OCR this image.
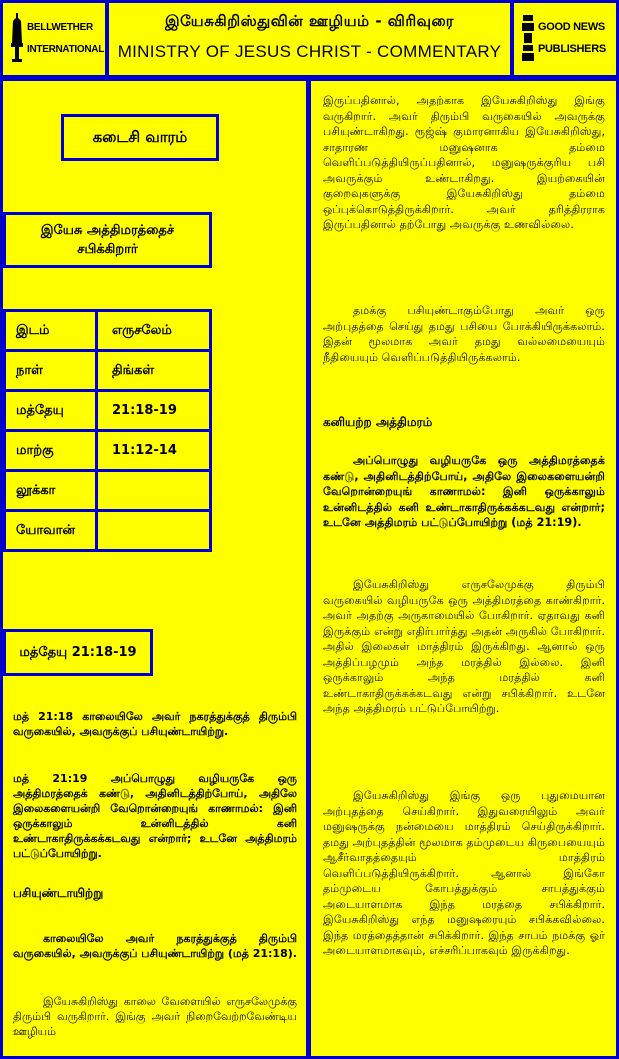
BELLWETHER
INTERNATIONAL
இயேசுகிறிஸ்துவின் ஊழியம் - விரிவுரை
MINISTRY OF JESUS CHRIST - COMMENTARY
GOOD NEWS
PUBLISHERS
கடைசி வாரம்
இயேசு அத்திமரத்தைச்
சபிக்கிறார்
இடம்	எருசலேம்
நாள்	திங்கள்
மத்தேயு	21:18-19
மாற்கு	11:12-14
லூக்கா	
யோவான்	
மத்தேயு 21:18-19
மத் 21:18 காலையிலே அவர் நகரத்துக்குத் திரும்பி வருகையில், அவருக்குப் பசியுண்டாயிற்று.
மத் 21:19 அப்பொழுது வழியருகே ஒரு அத்திமரத்தைக் கண்டு, அதினிடத்திற்போய், அதிலே இலைகளையன்றி வேறொன்றையுங் காணாமல்: இனி ஒருக்காலும் உன்னிடத்தில் கனி உண்டாகாதிருக்கக்கடவது என்றார்; உடனே அத்திமரம் பட்டுப்போயிற்று.
பசியுண்டாயிற்று
காலையிலே அவர் நகரத்துக்குத் திரும்பி வருகையில், அவருக்குப் பசியுண்டாயிற்று (மத் 21:18).
இயேசுகிறிஸ்து காலை வேளையில் எருசலேமுக்கு திரும்பி வருகிறார். இங்கு அவர் நிறைவேற்றவேண்டிய ஊழியம்
இருப்பதினால், அதற்காக இயேசுகிறிஸ்து இங்கு வருகிறார். அவர் திரும்பி வருகையில் அவருக்கு பசியுண்டாகிறது. ரூஜ்ஷ் குமாரனாகிய இயேசுகிறிஸ்து, சாதாரண மனுஷனாக தம்மை வெளிப்படுத்தியிருப்பதினால், மனுஷருக்குரிய பசி அவருக்கும் உண்டாகிறது. இயற்கையின் குறைவுகளுக்கு இயேசுகிறிஸ்து தம்மை ஒப்புக்கொடுத்திருக்கிறார். அவர் தரித்திரராக இருப்பதினால் தற்போது அவருக்கு உணவில்லை.
தமக்கு பசியுண்டாகும்போது அவர் ஒரு அற்புதத்தை செய்து தமது பசியை போக்கியிருக்கலாம். இதன் மூலமாக அவர் தமது வல்லமையையும் நீதியையும் வெளிப்படுத்தியிருக்கலாம்.
கனியற்ற அத்திமரம்
அப்பொழுது வழியருகே ஒரு அத்திமரத்தைக் கண்டு, அதினிடத்திற்போய், அதிலே இலைகளையன்றி வேறொன்றையுங் காணாமல்: இனி ஒருக்காலும் உன்னிடத்தில் கனி உண்டாகாதிருக்கக்கடவது என்றார்; உடனே அத்திமரம் பட்டுப்போயிற்று (மத் 21:19).
இயேசுகிறிஸ்து எருசலேமுக்கு திரும்பி வருகையில் வழியருகே ஒரு அத்திமரத்தை காண்கிறார். அவர் அதற்கு அருகாமையில் போகிறார். ஏதாவது கனி இருக்கும் என்று எதிர்பார்த்து அதன் அருகில் போகிறார். அதில் இலைகள் மாத்திரம் இருக்கிறது. ஆனால் ஒரு அத்திப்பழமும் அந்த மரத்தில் இல்லை. இனி ஒருக்காலும் அந்த மரத்தில் கனி உண்டாகாதிருக்கக்கடவது என்று சபிக்கிறார். உடனே அந்த அத்திமரம் பட்டுப்போயிற்று.
இயேசுகிறிஸ்து இங்கு ஒரு புதுமையான அற்புதத்தை செய்கிறார். இதுவரையிலும் அவர் மனுஷருக்கு நன்மையை மாத்திரம் செய்திருக்கிறார். தமது அற்புதத்தின் மூலமாக தம்முடைய கிருபையையும் ஆசீர்வாதத்தையும் மாத்திரம் வெளிப்படுத்தியிருக்கிறார். ஆனால் இங்கோ தம்முடைய கோபத்துக்கும் சாபத்துக்கும் அடையாளமாக இந்த மரத்தை சபிக்கிறார். இயேசுகிறிஸ்து எந்த மனுஷரையும் சபிக்கவில்லை. இந்த மரத்தைத்தான் சபிக்கிறார். இந்த சாபம் நமக்கு ஓர் அடையாளமாகவும், எச்சரிப்பாகவும் இருக்கிறது.
